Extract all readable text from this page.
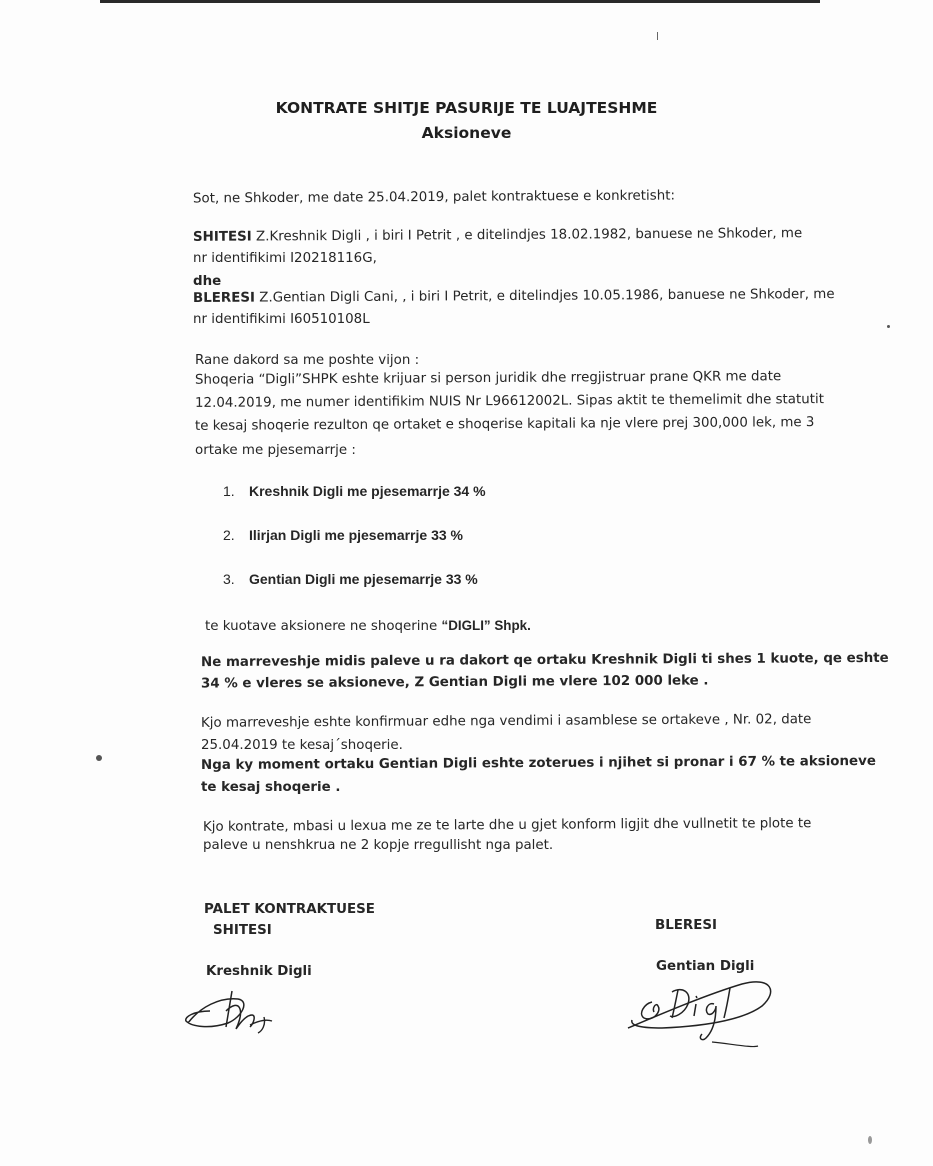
KONTRATE SHITJE PASURIJE TE LUAJTESHME
Aksioneve
Sot, ne Shkoder, me date 25.04.2019, palet kontraktuese e konkretisht:
SHITESI Z.Kreshnik Digli , i biri I Petrit , e ditelindjes 18.02.1982, banuese ne Shkoder, me
nr identifikimi I20218116G,
dhe
BLERESI Z.Gentian Digli Cani, , i biri I Petrit, e ditelindjes 10.05.1986, banuese ne Shkoder, me
nr identifikimi I60510108L
Rane dakord sa me poshte vijon :
Shoqeria “Digli”SHPK eshte krijuar si person juridik dhe rregjistruar prane QKR me date
12.04.2019, me numer identifikim NUIS Nr L96612002L. Sipas aktit te themelimit dhe statutit
te kesaj shoqerie rezulton qe ortaket e shoqerise kapitali ka nje vlere prej 300,000 lek, me 3
ortake me pjesemarrje :
1. Kreshnik Digli me pjesemarrje 34 %
2. Ilirjan Digli me pjesemarrje 33 %
3. Gentian Digli me pjesemarrje 33 %
te kuotave aksionere ne shoqerine “DIGLI” Shpk.
Ne marreveshje midis paleve u ra dakort qe ortaku Kreshnik Digli ti shes 1 kuote, qe eshte
34 % e vleres se aksioneve, Z Gentian Digli me vlere 102 000 leke .
Kjo marreveshje eshte konfirmuar edhe nga vendimi i asamblese se ortakeve , Nr. 02, date
25.04.2019 te kesaj´shoqerie.
Nga ky moment ortaku Gentian Digli eshte zoterues i njihet si pronar i 67 % te aksioneve
te kesaj shoqerie .
Kjo kontrate, mbasi u lexua me ze te larte dhe u gjet konform ligjit dhe vullnetit te plote te
paleve u nenshkrua ne 2 kopje rregullisht nga palet.
PALET KONTRAKTUESE
SHITESI
Kreshnik Digli
BLERESI
Gentian Digli
